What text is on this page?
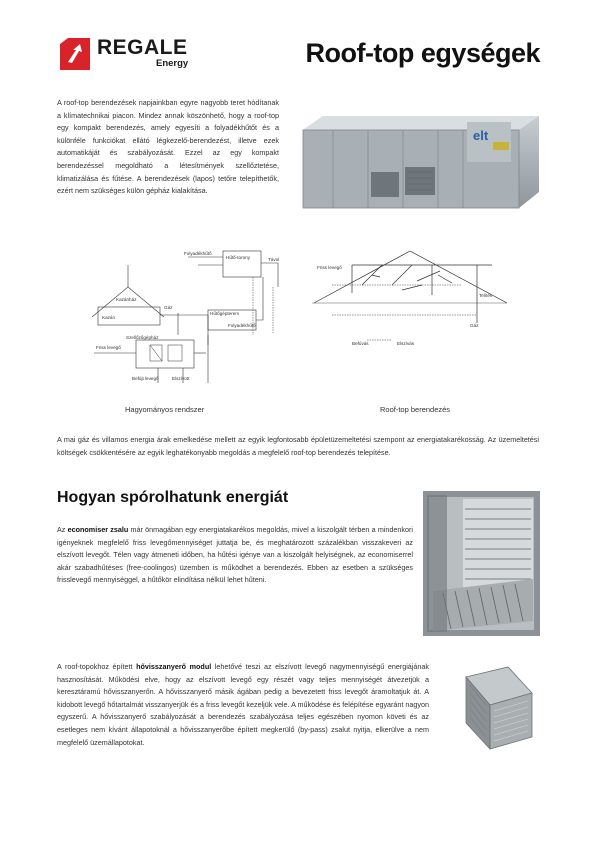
REGALE
Energy	Roof-top egységek
A roof-top berendezések napjainkban egyre nagyobb teret hódítanak a klímatechnikai piacon. Mindez annak köszönhető, hogy a roof-top egy kompakt berendezés, amely egyesíti a folyadékhűtőt és a különféle funkciókat ellátó légkezelő-berendezést, illetve ezek automatikáját és szabályozását. Ezzel az egy kompakt berendezéssel megoldható a létesítmények szellőztetése, klimatizálása és fűtése. A berendezések (lapos) tetőre telepíthetők, ezért nem szükséges külön gépház kialakítása.
elt
Folyadékhűtő
Hűtő-torony	Távol
Kazánház
Gáz
Kazán
Szellőzőgépház
Hűtőgépterem
Folyadékhűtő
Friss levegő
Befújt levegő	Elszívott
Friss levegő
Telítés
Gáz
Befúvás	Elszívás
Hagyományos rendszer	Roof-top berendezés
A mai gáz és villamos energia árak emelkedése mellett az egyik legfontosabb épületüzemeltetési szempont az energiatakarékosság. Az üzemeltetési költségek csökkentésére az egyik leghatékonyabb megoldás a megfelelő roof-top berendezés telepítése.
Hogyan spórolhatunk energiát
Az economiser zsalu már önmagában egy energiatakarékos megoldás, mivel a kiszolgált térben a mindenkori igényeknek megfelelő friss levegőmennyiséget juttatja be, és meghatározott százalékban visszakeveri az elszívott levegőt. Télen vagy átmeneti időben, ha hűtési igénye van a kiszolgált helyiségnek, az economiserrel akár szabadhűtéses (free-coolingos) üzemben is működhet a berendezés. Ebben az esetben a szükséges frisslevegő mennyiséggel, a hűtőkör elindítása nélkül lehet hűteni.
A roof-topokhoz épített hővisszanyerő modul lehetővé teszi az elszívott levegő nagymennyiségű energiájának hasznosítását. Működési elve, hogy az elszívott levegő egy részét vagy teljes mennyiségét átvezetjük a keresztáramú hővisszanyerőn. A hővisszanyerő másik ágában pedig a bevezetett friss levegőt áramoltatjuk át. A kidobott levegő hőtartalmát visszanyerjük és a friss levegőt kezeljük vele. A működése és felépítése egyaránt nagyon egyszerű. A hővisszanyerő szabályozását a berendezés szabályozása teljes egészében nyomon követi és az esetleges nem kívánt állapotoknál a hővisszanyerőbe épített megkerülő (by-pass) zsalut nyitja, elkerülve a nem megfelelő üzemállapotokat.
